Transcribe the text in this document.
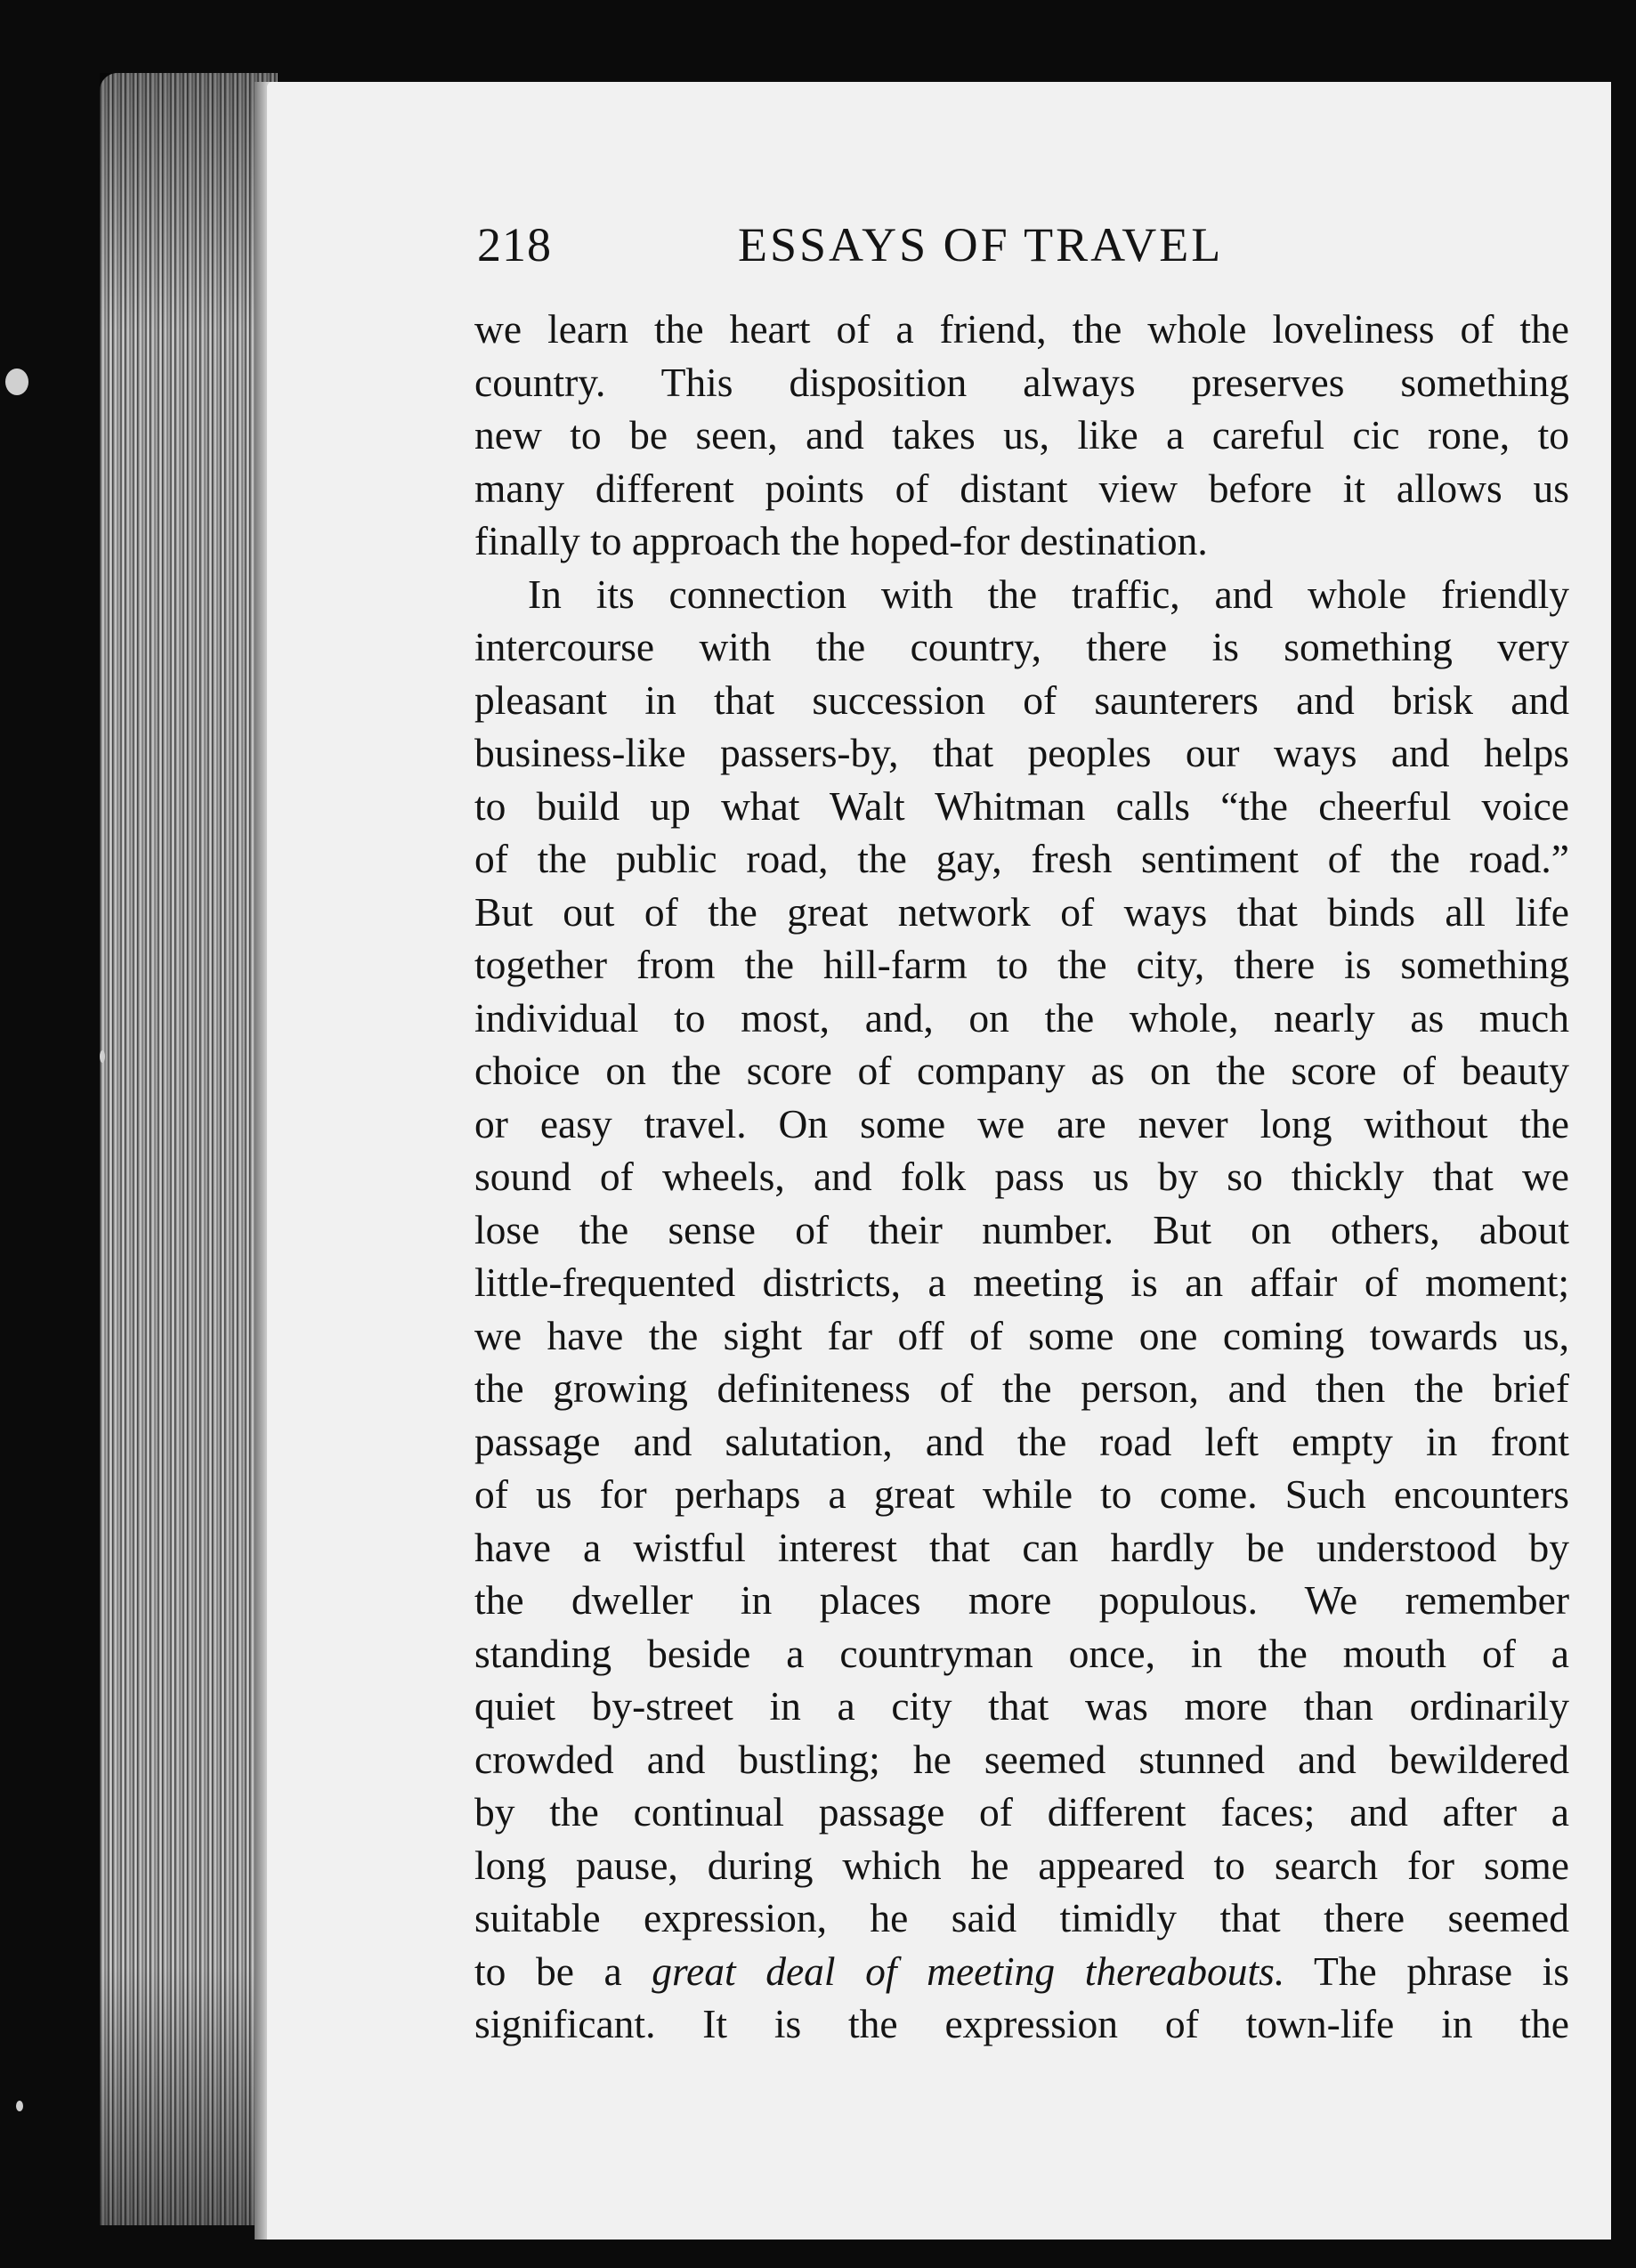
218	ESSAYS OF TRAVEL
we learn the heart of a friend, the whole loveliness of the
country. This disposition always preserves something
new to be seen, and takes us, like a careful cic rone, to
many different points of distant view before it allows us
finally to approach the hoped-for destination.
In its connection with the traffic, and whole friendly
intercourse with the country, there is something very
pleasant in that succession of saunterers and brisk and
business-like passers-by, that peoples our ways and helps
to build up what Walt Whitman calls “the cheerful voice
of the public road, the gay, fresh sentiment of the road.”
But out of the great network of ways that binds all life
together from the hill-farm to the city, there is something
individual to most, and, on the whole, nearly as much
choice on the score of company as on the score of beauty
or easy travel. On some we are never long without the
sound of wheels, and folk pass us by so thickly that we
lose the sense of their number. But on others, about
little-frequented districts, a meeting is an affair of moment;
we have the sight far off of some one coming towards us,
the growing definiteness of the person, and then the brief
passage and salutation, and the road left empty in front
of us for perhaps a great while to come. Such encounters
have a wistful interest that can hardly be understood by
the dweller in places more populous. We remember
standing beside a countryman once, in the mouth of a
quiet by-street in a city that was more than ordinarily
crowded and bustling; he seemed stunned and bewildered
by the continual passage of different faces; and after a
long pause, during which he appeared to search for some
suitable expression, he said timidly that there seemed
to be a great deal of meeting thereabouts. The phrase is
significant. It is the expression of town-life in the
